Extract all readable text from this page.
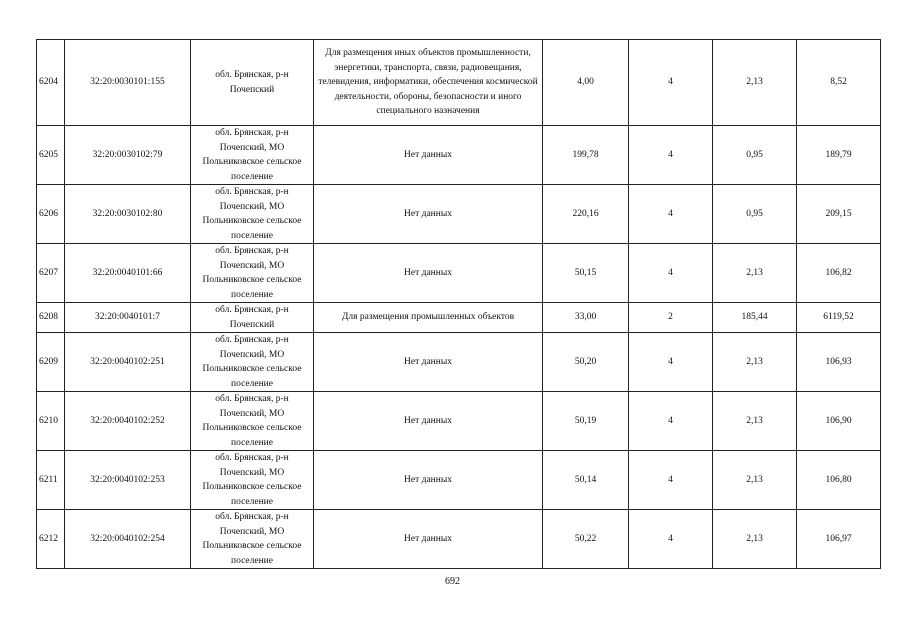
6204	32:20:0030101:155	обл. Брянская, р-н Почепский	Для размещения иных объектов промышленности, энергетики, транспорта, связи, радиовещания, телевидения, информатики, обеспечения космической деятельности, обороны, безопасности и иного специального назначения	4,00	4	2,13	8,52
6205	32:20:0030102:79	обл. Брянская, р-н Почепский, МО Польниковское сельское поселение	Нет данных	199,78	4	0,95	189,79
6206	32:20:0030102:80	обл. Брянская, р-н Почепский, МО Польниковское сельское поселение	Нет данных	220,16	4	0,95	209,15
6207	32:20:0040101:66	обл. Брянская, р-н Почепский, МО Польниковское сельское поселение	Нет данных	50,15	4	2,13	106,82
6208	32:20:0040101:7	обл. Брянская, р-н Почепский	Для размещения промышленных объектов	33,00	2	185,44	6119,52
6209	32:20:0040102:251	обл. Брянская, р-н Почепский, МО Польниковское сельское поселение	Нет данных	50,20	4	2,13	106,93
6210	32:20:0040102:252	обл. Брянская, р-н Почепский, МО Польниковское сельское поселение	Нет данных	50,19	4	2,13	106,90
6211	32:20:0040102:253	обл. Брянская, р-н Почепский, МО Польниковское сельское поселение	Нет данных	50,14	4	2,13	106,80
6212	32:20:0040102:254	обл. Брянская, р-н Почепский, МО Польниковское сельское поселение	Нет данных	50,22	4	2,13	106,97
692
